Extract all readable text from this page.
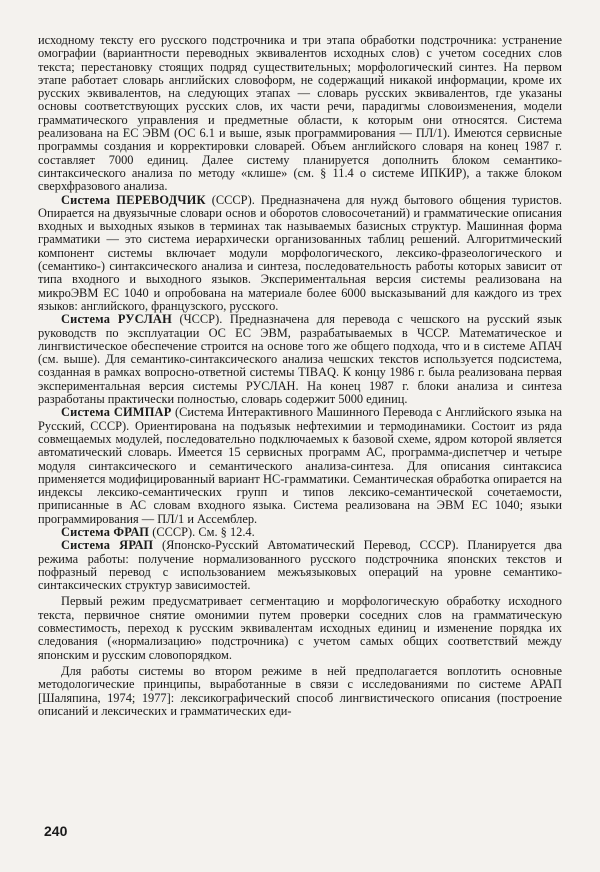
исходному тексту его русского подстрочника и три этапа обработки подстрочника: устранение омографии (вариантности переводных эквивалентов исходных слов) с учетом соседних слов текста; перестановку стоящих подряд существительных; морфологический синтез. На первом этапе работает словарь английских словоформ, не содержащий никакой информации, кроме их русских эквивалентов, на следующих этапах — словарь русских эквивалентов, где указаны основы соответствующих русских слов, их части речи, парадигмы словоизменения, модели грамматического управления и предметные области, к которым они относятся. Система реализована на ЕС ЭВМ (ОС 6.1 и выше, язык программирования — ПЛ/1). Имеются сервисные программы создания и корректировки словарей. Объем английского словаря на конец 1987 г. составляет 7000 единиц. Далее систему планируется дополнить блоком семантико-синтаксического анализа по методу «клише» (см. § 11.4 о системе ИПКИР), а также блоком сверхфразового анализа.

Система ПЕРЕВОДЧИК (СССР). Предназначена для нужд бытового общения туристов. Опирается на двуязычные словари основ и оборотов словосочетаний) и грамматические описания входных и выходных языков в терминах так называемых базисных структур. Машинная форма грамматики — это система иерархически организованных таблиц решений. Алгоритмический компонент системы включает модули морфологического, лексико-фразеологического и (семантико-) синтаксического анализа и синтеза, последовательность работы которых зависит от типа входного и выходного языков. Экспериментальная версия системы реализована на микроЭВМ ЕС 1040 и опробована на материале более 6000 высказываний для каждого из трех языков: английского, французского, русского.

Система РУСЛАН (ЧССР). Предназначена для перевода с чешского на русский язык руководств по эксплуатации ОС ЕС ЭВМ, разрабатываемых в ЧССР. Математическое и лингвистическое обеспечение строится на основе того же общего подхода, что и в системе АПАЧ (см. выше). Для семантико-синтаксического анализа чешских текстов используется подсистема, созданная в рамках вопросно-ответной системы TIBAQ. К концу 1986 г. была реализована первая экспериментальная версия системы РУСЛАН. На конец 1987 г. блоки анализа и синтеза разработаны практически полностью, словарь содержит 5000 единиц.

Система СИМПАР (Система Интерактивного Машинного Перевода с Английского языка на Русский, СССР). Ориентирована на подъязык нефтехимии и термодинамики. Состоит из ряда совмещаемых модулей, последовательно подключаемых к базовой схеме, ядром которой является автоматический словарь. Имеется 15 сервисных программ АС, программа-диспетчер и четыре модуля синтаксического и семантического анализа-синтеза. Для описания синтаксиса применяется модифицированный вариант НС-грамматики. Семантическая обработка опирается на индексы лексико-семантических групп и типов лексико-семантической сочетаемости, приписанные в АС словам входного языка. Система реализована на ЭВМ ЕС 1040; языки программирования — ПЛ/1 и Ассемблер.

Система ФРАП (СССР). См. § 12.4.

Система ЯРАП (Японско-Русский Автоматический Перевод, СССР). Планируется два режима работы: получение нормализованного русского подстрочника японских текстов и пофразный перевод с использованием межъязыковых операций на уровне семантико-синтаксических структур зависимостей.

Первый режим предусматривает сегментацию и морфологическую обработку исходного текста, первичное снятие омонимии путем проверки соседних слов на грамматическую совместимость, переход к русским эквивалентам исходных единиц и изменение порядка их следования («нормализацию» подстрочника) с учетом самых общих соответствий между японским и русским словопорядком.

Для работы системы во втором режиме в ней предполагается воплотить основные методологические принципы, выработанные в связи с исследованиями по системе АРАП [Шаляпина, 1974; 1977]: лексикографический способ лингвистического описания (построение описаний и лексических и грамматических еди-

240
